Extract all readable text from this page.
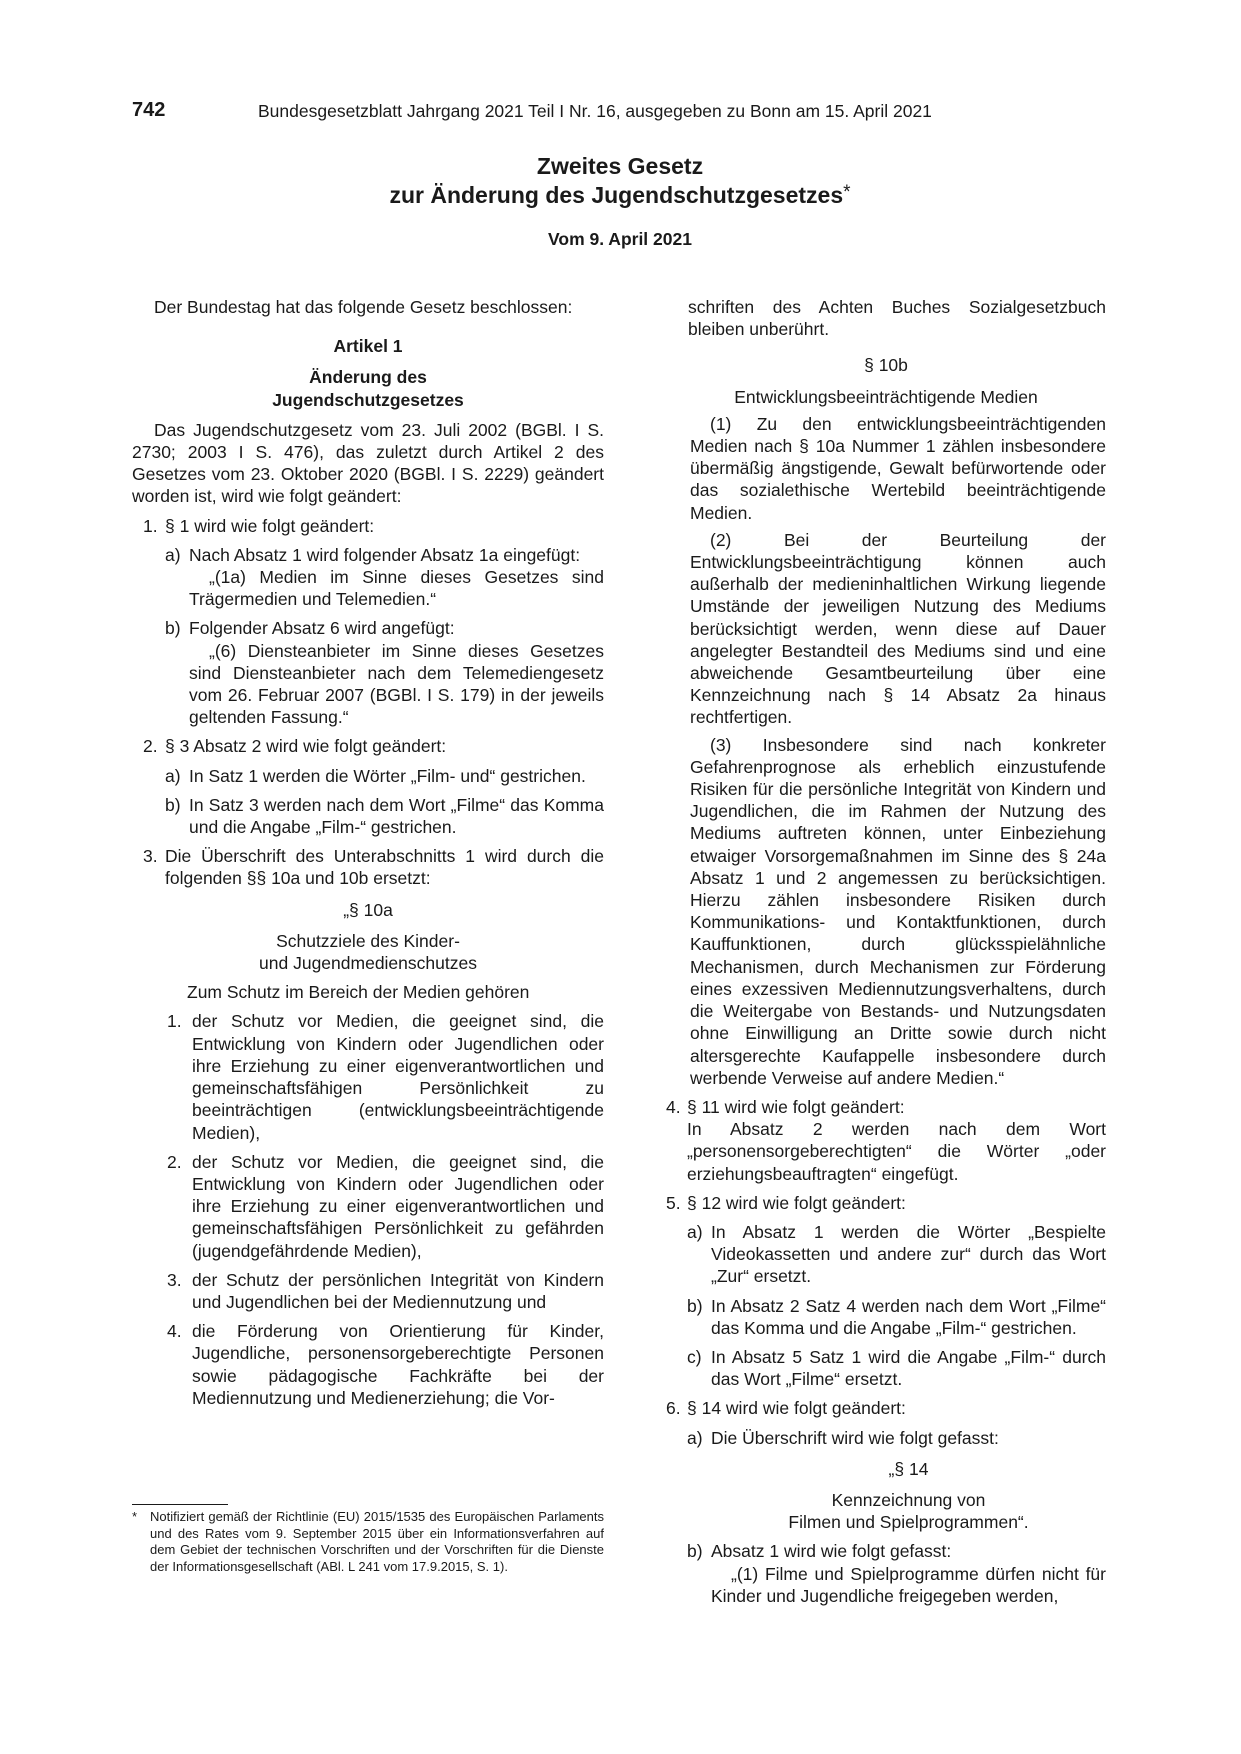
742	Bundesgesetzblatt Jahrgang 2021 Teil I Nr. 16, ausgegeben zu Bonn am 15. April 2021
Zweites Gesetz
zur Änderung des Jugendschutzgesetzes*
Vom 9. April 2021

Der Bundestag hat das folgende Gesetz beschlossen:

Artikel 1

Änderung des

Jugendschutzgesetzes

Das Jugendschutzgesetz vom 23. Juli 2002 (BGBl. I S. 2730; 2003 I S. 476), das zuletzt durch Artikel 2 des Gesetzes vom 23. Oktober 2020 (BGBl. I S. 2229) geändert worden ist, wird wie folgt geändert:

1. § 1 wird wie folgt geändert:
a) Nach Absatz 1 wird folgender Absatz 1a eingefügt:

„(1a) Medien im Sinne dieses Gesetzes sind Trägermedien und Telemedien.“

b) Folgender Absatz 6 wird angefügt:

„(6) Diensteanbieter im Sinne dieses Gesetzes sind Diensteanbieter nach dem Telemediengesetz vom 26. Februar 2007 (BGBl. I S. 179) in der jeweils geltenden Fassung.“

2. § 3 Absatz 2 wird wie folgt geändert:
a) In Satz 1 werden die Wörter „Film- und“ gestrichen.
b) In Satz 3 werden nach dem Wort „Filme“ das Komma und die Angabe „Film-“ gestrichen.
3. Die Überschrift des Unterabschnitts 1 wird durch die folgenden §§ 10a und 10b ersetzt:

„§ 10a

Schutzziele des Kinder-

und Jugendmedienschutzes

Zum Schutz im Bereich der Medien gehören

1. der Schutz vor Medien, die geeignet sind, die Entwicklung von Kindern oder Jugendlichen oder ihre Erziehung zu einer eigenverantwortlichen und gemeinschaftsfähigen Persönlichkeit zu beeinträchtigen (entwicklungsbeeinträchtigende Medien),
2. der Schutz vor Medien, die geeignet sind, die Entwicklung von Kindern oder Jugendlichen oder ihre Erziehung zu einer eigenverantwortlichen und gemeinschaftsfähigen Persönlichkeit zu gefährden (jugendgefährdende Medien),
3. der Schutz der persönlichen Integrität von Kindern und Jugendlichen bei der Mediennutzung und
4. die Förderung von Orientierung für Kinder, Jugendliche, personensorgeberechtigte Personen sowie pädagogische Fachkräfte bei der Mediennutzung und Medienerziehung; die Vor-

schriften des Achten Buches Sozialgesetzbuch bleiben unberührt.

§ 10b

Entwicklungsbeeinträchtigende Medien

(1) Zu den entwicklungsbeeinträchtigenden Medien nach § 10a Nummer 1 zählen insbesondere übermäßig ängstigende, Gewalt befürwortende oder das sozialethische Wertebild beeinträchtigende Medien.

(2) Bei der Beurteilung der Entwicklungsbeeinträchtigung können auch außerhalb der medieninhaltlichen Wirkung liegende Umstände der jeweiligen Nutzung des Mediums berücksichtigt werden, wenn diese auf Dauer angelegter Bestandteil des Mediums sind und eine abweichende Gesamtbeurteilung über eine Kennzeichnung nach § 14 Absatz 2a hinaus rechtfertigen.

(3) Insbesondere sind nach konkreter Gefahrenprognose als erheblich einzustufende Risiken für die persönliche Integrität von Kindern und Jugendlichen, die im Rahmen der Nutzung des Mediums auftreten können, unter Einbeziehung etwaiger Vorsorgemaßnahmen im Sinne des § 24a Absatz 1 und 2 angemessen zu berücksichtigen. Hierzu zählen insbesondere Risiken durch Kommunikations- und Kontaktfunktionen, durch Kauffunktionen, durch glücksspielähnliche Mechanismen, durch Mechanismen zur Förderung eines exzessiven Mediennutzungsverhaltens, durch die Weitergabe von Bestands- und Nutzungsdaten ohne Einwilligung an Dritte sowie durch nicht altersgerechte Kaufappelle insbesondere durch werbende Verweise auf andere Medien.“

4. § 11 wird wie folgt geändert:

In Absatz 2 werden nach dem Wort „personensorgeberechtigten“ die Wörter „oder erziehungsbeauftragten“ eingefügt.

5. § 12 wird wie folgt geändert:
a) In Absatz 1 werden die Wörter „Bespielte Videokassetten und andere zur“ durch das Wort „Zur“ ersetzt.
b) In Absatz 2 Satz 4 werden nach dem Wort „Filme“ das Komma und die Angabe „Film-“ gestrichen.
c) In Absatz 5 Satz 1 wird die Angabe „Film-“ durch das Wort „Filme“ ersetzt.
6. § 14 wird wie folgt geändert:
a) Die Überschrift wird wie folgt gefasst:

„§ 14

Kennzeichnung von

Filmen und Spielprogrammen“.

b) Absatz 1 wird wie folgt gefasst:

„(1) Filme und Spielprogramme dürfen nicht für Kinder und Jugendliche freigegeben werden,

* Notifiziert gemäß der Richtlinie (EU) 2015/1535 des Europäischen Parlaments und des Rates vom 9. September 2015 über ein Informationsverfahren auf dem Gebiet der technischen Vorschriften und der Vorschriften für die Dienste der Informationsgesellschaft (ABl. L 241 vom 17.9.2015, S. 1).
